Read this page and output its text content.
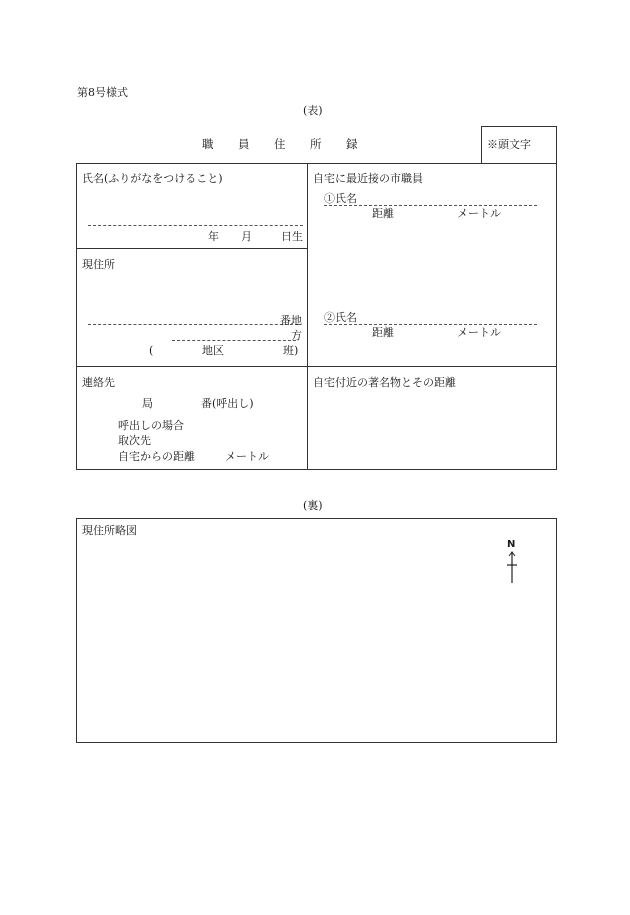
第8号様式
(表)
職 員 住 所 録	※頭文字
氏名(ふりがなをつけること)
年 月	日生
現住所
番地
方
(	地区	班)
連絡先
局	番(呼出し)
呼出しの場合
取次先
自宅からの距離	メートル
自宅に最近接の市職員
①氏名
距離	メートル
②氏名
距離	メートル
自宅付近の著名物とその距離
(裏)
現住所略図
N
